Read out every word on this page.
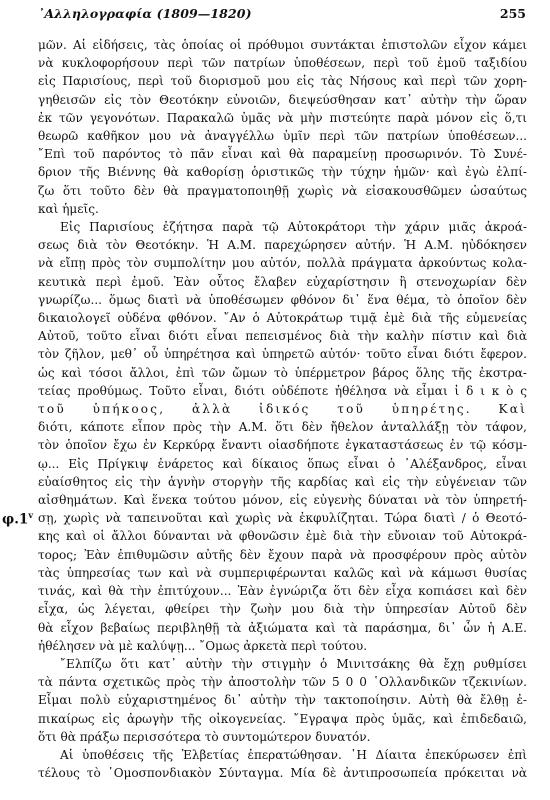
᾿Αλληλογραφία (1809—1820)	255
φ.1$^v$
μῶν. Αἱ εἰδήσεις, τὰς ὁποίας οἱ πρόθυμοι συντάκται ἐπιστολῶν εἶχον κάμει
νὰ κυκλοφορήσουν περὶ τῶν πατρίων ὑποθέσεων, περὶ τοῦ ἐμοῦ ταξιδίου
εἰς Παρισίους, περὶ τοῦ διορισμοῦ μου εἰς τὰς Νήσους καὶ περὶ τῶν χορη-
γηθεισῶν εἰς τὸν Θεοτόκην εὐνοιῶν, διεψεύσθησαν κατ᾿ αὐτὴν τὴν ὥραν
ἐκ τῶν γεγονότων. Παρακαλῶ ὑμᾶς νὰ μὴν πιστεύητε παρὰ μόνον εἰς ὅ,τι
θεωρῶ καθῆκον μου νὰ ἀναγγέλλω ὑμῖν περὶ τῶν πατρίων ὑποθέσεων...
῎Επὶ τοῦ παρόντος τὸ πᾶν εἶναι καὶ θὰ παραμείνῃ προσωρινόν. Τὸ Συνέ-
δριον τῆς Βιέννης θὰ καθορίσῃ ὁριστικῶς τὴν τύχην ἡμῶν· καὶ ἐγὼ ἐλπί-
ζω ὅτι τοῦτο δὲν θὰ πραγματοποιηθῇ χωρὶς νὰ εἰσακουσθῶμεν ὡσαύτως
καὶ ἡμεῖς.
Εἰς Παρισίους ἐζήτησα παρὰ τῷ Αὐτοκράτορι τὴν χάριν μιᾶς ἀκροά-
σεως διὰ τὸν Θεοτόκην. Ἡ Α.Μ. παρεχώρησεν αὐτήν. Ἡ Α.Μ. ηὐδόκησεν
νὰ εἴπῃ πρὸς τὸν συμπολίτην μου αὐτόν, πολλὰ πράγματα ἀρκούντως κολα-
κευτικὰ περὶ ἐμοῦ. Ἐὰν οὗτος ἔλαβεν εὐχαρίστησιν ἢ στενοχωρίαν δὲν
γνωρίζω... ὅμως διατὶ νὰ ὑποθέσωμεν φθόνον δι᾿ ἕνα θέμα, τὸ ὁποῖον δὲν
δικαιολογεῖ οὐδένα φθόνον. ῎Αν ὁ Αὐτοκράτωρ τιμᾷ ἐμὲ διὰ τῆς εὐμενείας
Αὐτοῦ, τοῦτο εἶναι διότι εἶναι πεπεισμένος διὰ τὴν καλὴν πίστιν καὶ διὰ
τὸν ζῆλον, μεθ᾿ οὗ ὑπηρέτησα καὶ ὑπηρετῶ αὐτόν· τοῦτο εἶναι διότι ἔφερον.
ὡς καὶ τόσοι ἄλλοι, ἐπὶ τῶν ὤμων τὸ ὑπέρμετρον βάρος ὅλης τῆς ἐκστρα-
τείας προθύμως. Τοῦτο εἶναι, διότι οὐδέποτε ἠθέλησα νὰ εἶμαι ἰ δ ι κ ὸ ς
τοῦ ὑπήκοος, ἀλλὰ ἰδικός τοῦ ὑπηρέτης. Καὶ
διότι, κάποτε εἶπον πρὸς τὴν Α.Μ. ὅτι δὲν ἤθελον ἀνταλλάξῃ τὸν τάφον,
τὸν ὁποῖον ἔχω ἐν Κερκύρᾳ ἔναντι οἱασδήποτε ἐγκαταστάσεως ἐν τῷ κόσμ-
ῳ... Εἰς Πρίγκιψ ἐνάρετος καὶ δίκαιος ὅπως εἶναι ὁ ᾿Αλέξανδρος, εἶναι
εὐαίσθητος εἰς τὴν ἁγνὴν στοργὴν τῆς καρδίας καὶ εἰς τὴν εὐγένειαν τῶν
αἰσθημάτων. Καὶ ἕνεκα τούτου μόνον, εἰς εὐγενὴς δύναται νὰ τὸν ὑπηρετή-
σῃ, χωρὶς νὰ ταπεινοῦται καὶ χωρὶς νὰ ἐκφυλίζηται. Τώρα διατὶ / ὁ Θεοτό-
κης καὶ οἱ ἄλλοι δύνανται νὰ φθονῶσιν ἐμὲ διὰ τὴν εὔνοιαν τοῦ Αὐτοκρά-
τορος; Ἐὰν ἐπιθυμῶσιν αὐτῆς δὲν ἔχουν παρὰ νὰ προσφέρουν πρὸς αὐτὸν
τὰς ὑπηρεσίας των καὶ νὰ συμπεριφέρωνται καλῶς καὶ νὰ κάμωσι θυσίας
τινάς, καὶ θὰ τὴν ἐπιτύχουν... Ἐὰν ἐγνώριζα ὅτι δὲν εἶχα κοπιάσει καὶ δὲν
εἶχα, ὡς λέγεται, φθείρει τὴν ζωὴν μου διὰ τὴν ὑπηρεσίαν Αὐτοῦ δὲν
θὰ εἶχον βεβαίως περιβληθῇ τὰ ἀξιώματα καὶ τὰ παράσημα, δι᾿ ὧν ἡ Α.Ε.
ἠθέλησεν νὰ μὲ καλύψῃ... ῎Ομως ἀρκετὰ περὶ τούτου.
῎Ελπίζω ὅτι κατ᾿ αὐτὴν τὴν στιγμὴν ὁ Μινιτσάκης θὰ ἔχῃ ρυθμίσει
τὰ πάντα σχετικῶς πρὸς τὴν ἀποστολὴν τῶν 5 0 0 ῾Ολλανδικῶν τζεκινίων.
Εἶμαι πολὺ εὐχαριστημένος δι᾿ αὐτὴν τὴν τακτοποίησιν. Αὐτὴ θὰ ἔλθῃ ἐ-
πικαίρως εἰς ἀρωγὴν τῆς οἰκογενείας. ῎Εγραψα πρὸς ὑμᾶς, καὶ ἐπιδεδαιῶ,
ὅτι θὰ πράξω περισσότερα τὸ συντομώτερον δυνατόν.
Αἱ ὑποθέσεις τῆς Ἑλβετίας ἐπερατώθησαν. ῾Η Δίαιτα ἐπεκύρωσεν ἐπὶ
τέλους τὸ ῾Ομοσπονδιακὸν Σύνταγμα. Μία δὲ ἀντιπροσωπεία πρόκειται νὰ
